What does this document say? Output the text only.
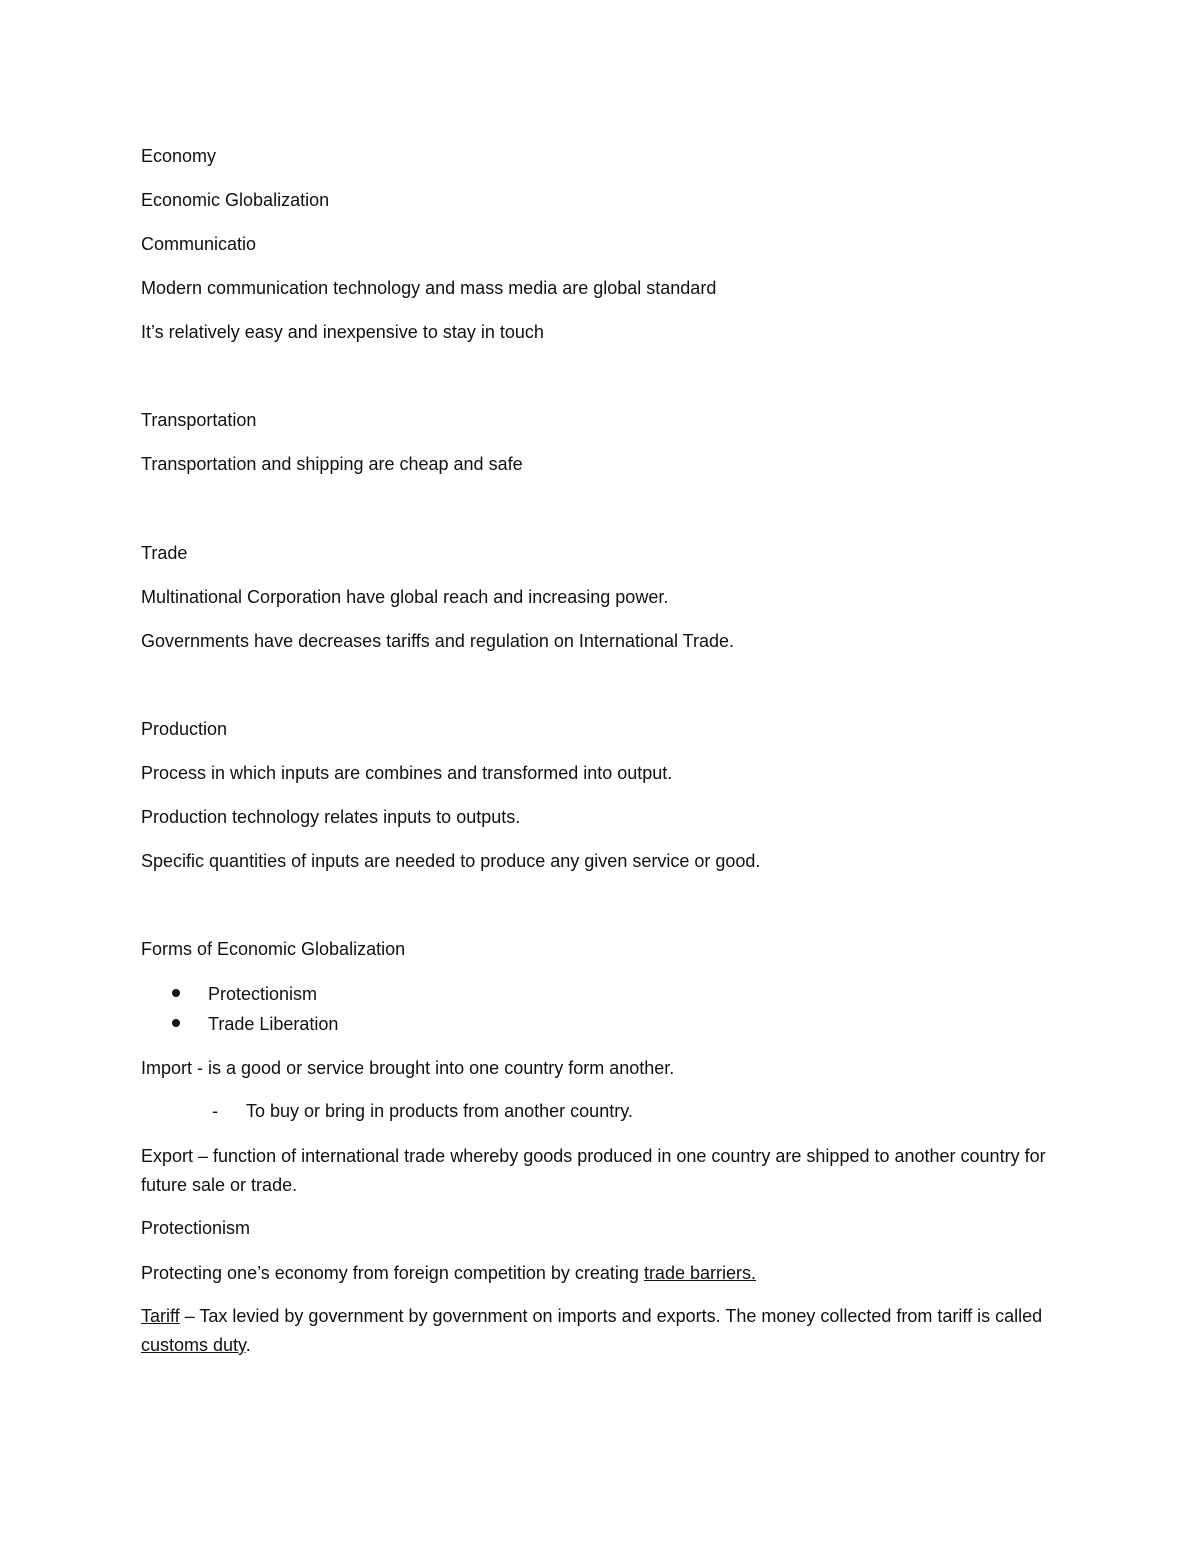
Economy
Economic Globalization
Communicatio
Modern communication technology and mass media are global standard
It’s relatively easy and inexpensive to stay in touch
Transportation
Transportation and shipping are cheap and safe
Trade
Multinational Corporation have global reach and increasing power.
Governments have decreases tariffs and regulation on International Trade.
Production
Process in which inputs are combines and transformed into output.
Production technology relates inputs to outputs.
Specific quantities of inputs are needed to produce any given service or good.
Forms of Economic Globalization
Protectionism
Trade Liberation
Import - is a good or service brought into one country form another.
- To buy or bring in products from another country.
Export – function of international trade whereby goods produced in one country are shipped to another country for future sale or trade.
Protectionism
Protecting one’s economy from foreign competition by creating trade barriers.
Tariff – Tax levied by government by government on imports and exports. The money collected from tariff is called customs duty.
